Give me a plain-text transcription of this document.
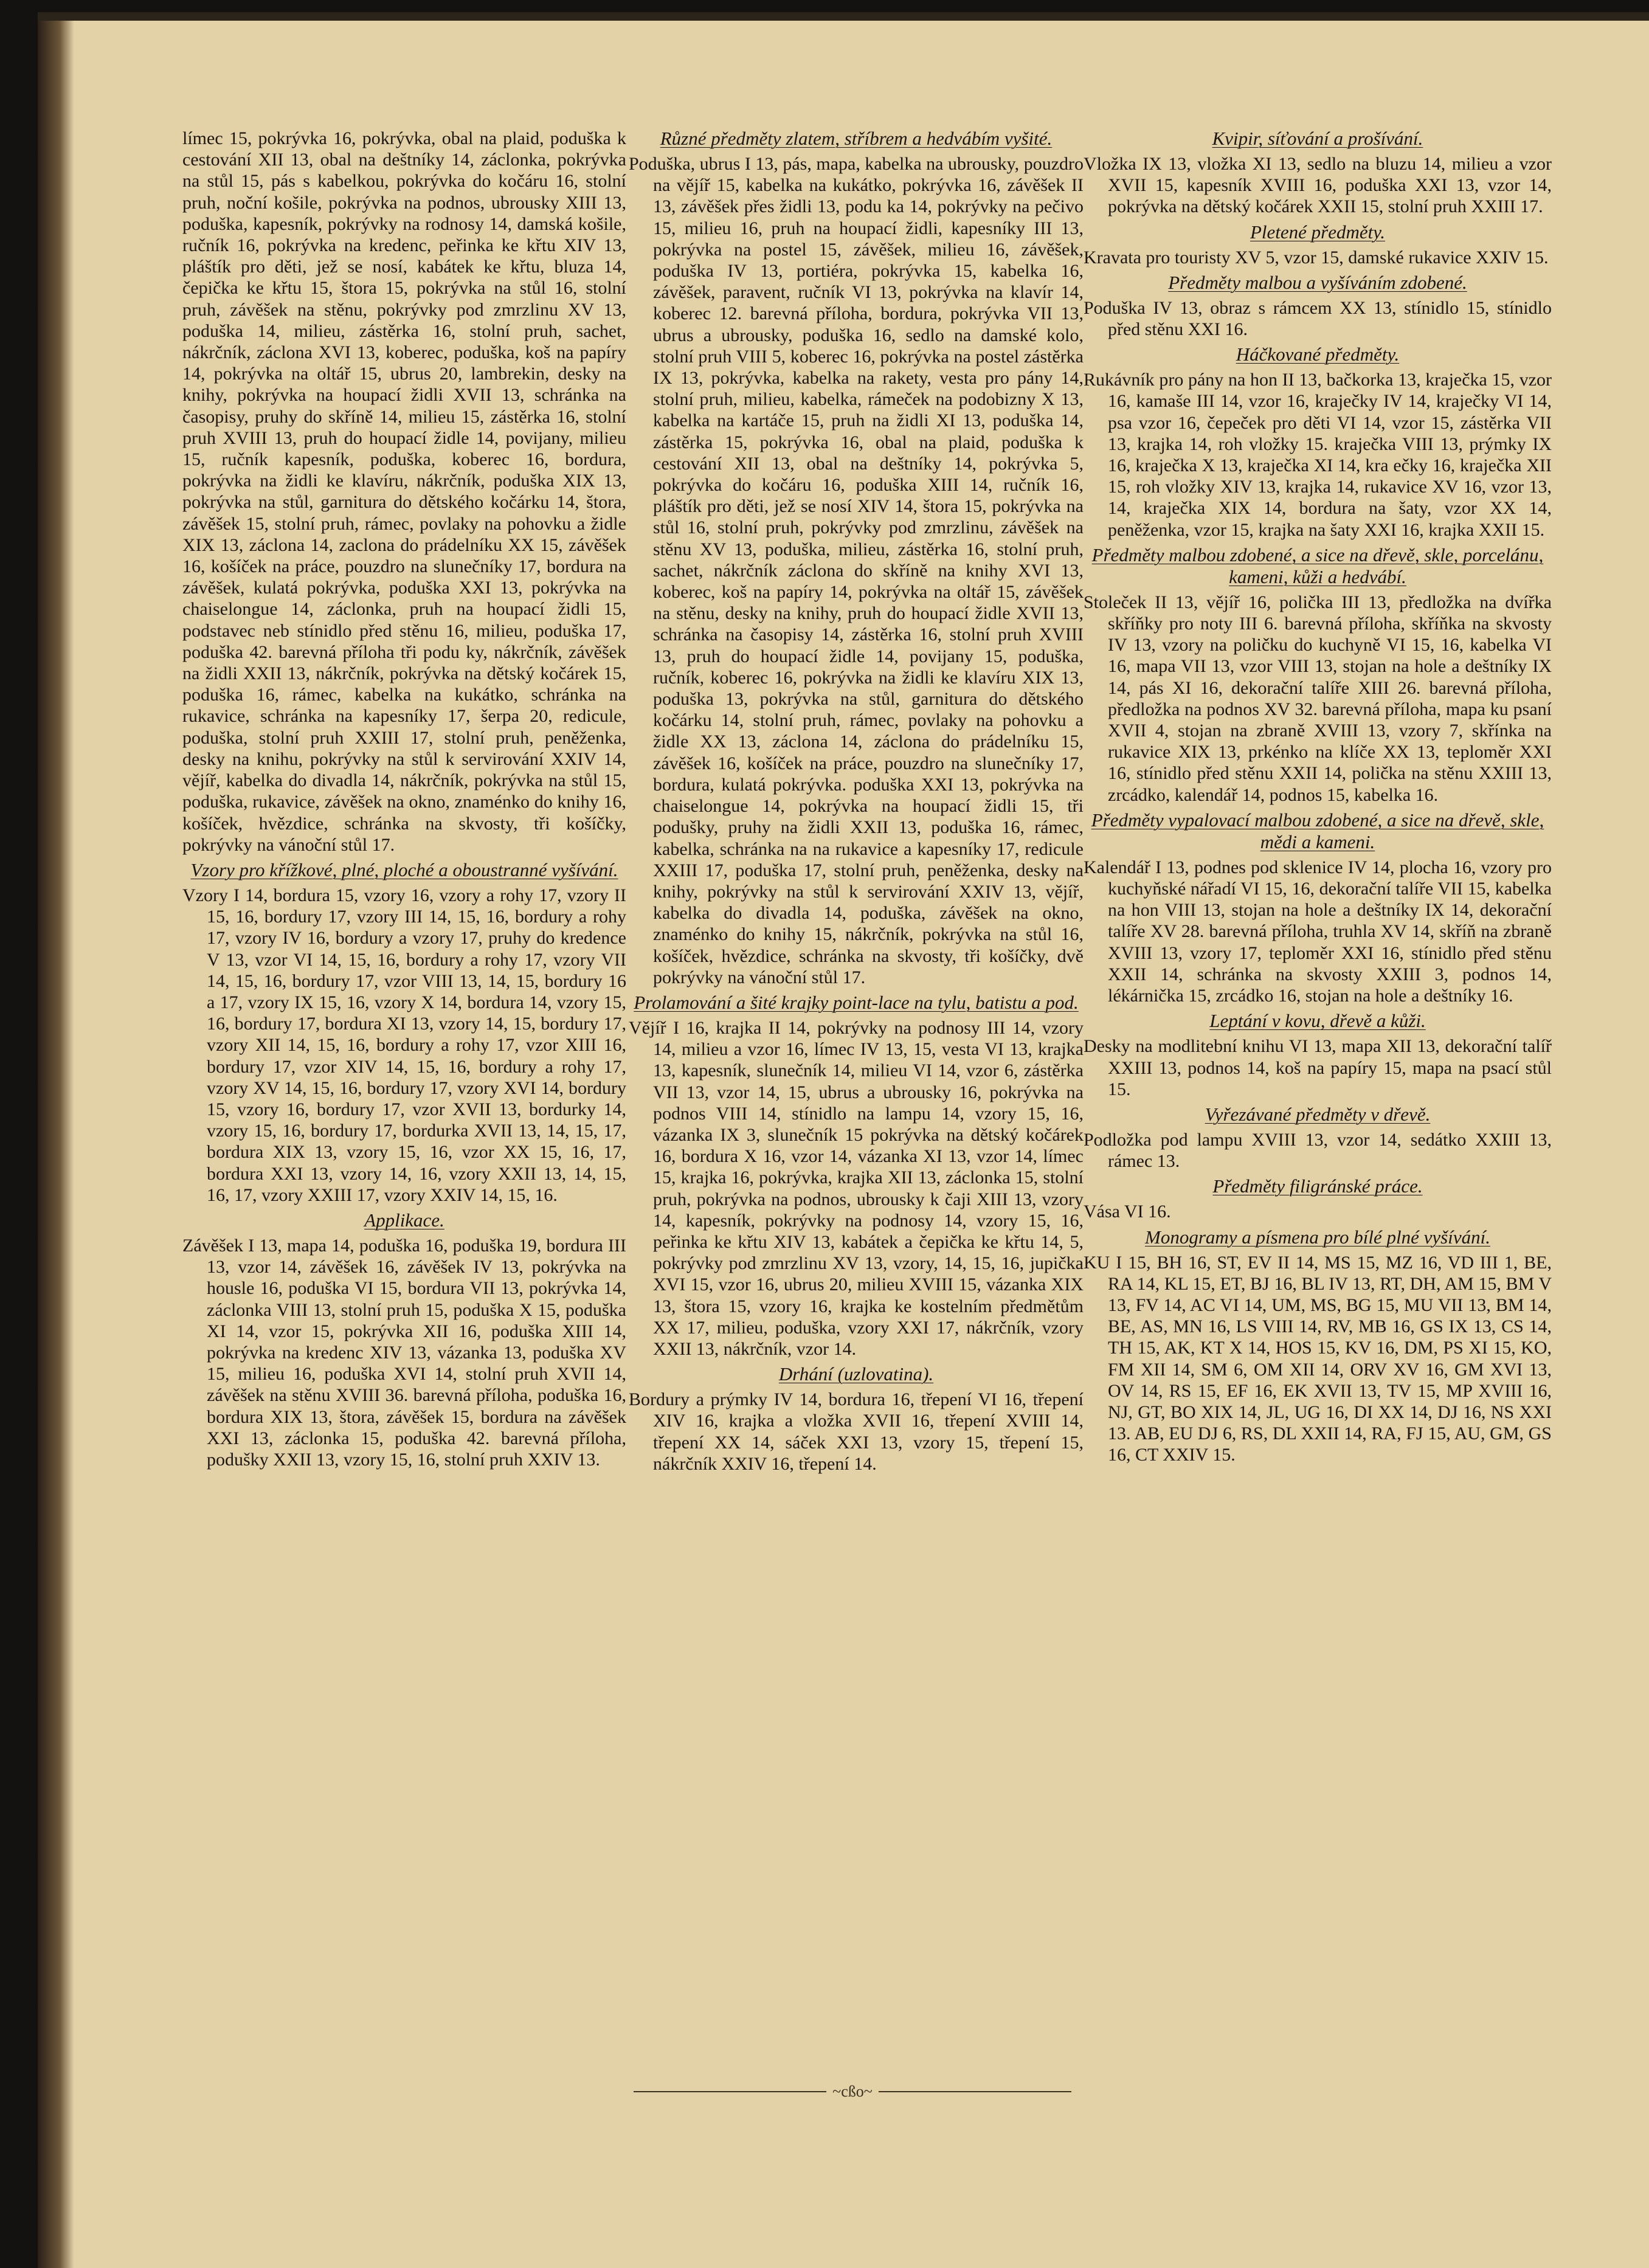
límec 15, pokrývka 16, pokrývka, obal na plaid, poduška k cestování XII 13, obal na deštníky 14, záclonka, pokrývka na stůl 15, pás s kabelkou, pokrývka do kočáru 16, stolní pruh, noční košile, pokrývka na podnos, ubrousky XIII 13, poduška, kapesník, pokrývky na rodnosy 14, damská košile, ručník 16, pokrývka na kredenc, peřinka ke křtu XIV 13, pláštík pro děti, jež se nosí, kabátek ke křtu, bluza 14, čepička ke křtu 15, štora 15, pokrývka na stůl 16, stolní pruh, závěšek na stěnu, pokrývky pod zmrzlinu XV 13, poduška 14, milieu, zástěrka 16, stolní pruh, sachet, nákrčník, záclona XVI 13, koberec, poduška, koš na papíry 14, pokrývka na oltář 15, ubrus 20, lambrekin, desky na knihy, pokrývka na houpací židli XVII 13, schránka na časopisy, pruhy do skříně 14, milieu 15, zástěrka 16, stolní pruh XVIII 13, pruh do houpací židle 14, povijany, milieu 15, ručník kapesník, poduška, koberec 16, bordura, pokrývka na židli ke klavíru, nákrčník, poduška XIX 13, pokrývka na stůl, garnitura do dětského kočárku 14, štora, závěšek 15, stolní pruh, rámec, povlaky na pohovku a židle XIX 13, záclona 14, zaclona do prádelníku XX 15, závěšek 16, košíček na práce, pouzdro na slunečníky 17, bordura na závěšek, kulatá pokrývka, poduška XXI 13, pokrývka na chaiselongue 14, záclonka, pruh na houpací židli 15, podstavec neb stínidlo před stěnu 16, milieu, poduška 17, poduška 42. barevná příloha tři podu ky, nákrčník, závěšek na židli XXII 13, nákrčník, pokrývka na dětský kočárek 15, poduška 16, rámec, kabelka na kukátko, schránka na rukavice, schránka na kapesníky 17, šerpa 20, redicule, poduška, stolní pruh XXIII 17, stolní pruh, peněženka, desky na knihu, pokrývky na stůl k servirování XXIV 14, vějíř, kabelka do divadla 14, nákrčník, pokrývka na stůl 15, poduška, rukavice, závěšek na okno, znaménko do knihy 16, košíček, hvězdice, schránka na skvosty, tři košíčky, pokrývky na vánoční stůl 17.

Vzory pro křížkové, plné, ploché a oboustranné vyšívání.

Vzory I 14, bordura 15, vzory 16, vzory a rohy 17, vzory II 15, 16, bordury 17, vzory III 14, 15, 16, bordury a rohy 17, vzory IV 16, bordury a vzory 17, pruhy do kredence V 13, vzor VI 14, 15, 16, bordury a rohy 17, vzory VII 14, 15, 16, bordury 17, vzor VIII 13, 14, 15, bordury 16 a 17, vzory IX 15, 16, vzory X 14, bordura 14, vzory 15, 16, bordury 17, bordura XI 13, vzory 14, 15, bordury 17, vzory XII 14, 15, 16, bordury a rohy 17, vzor XIII 16, bordury 17, vzor XIV 14, 15, 16, bordury a rohy 17, vzory XV 14, 15, 16, bordury 17, vzory XVI 14, bordury 15, vzory 16, bordury 17, vzor XVII 13, bordurky 14, vzory 15, 16, bordury 17, bordurka XVII 13, 14, 15, 17, bordura XIX 13, vzory 15, 16, vzor XX 15, 16, 17, bordura XXI 13, vzory 14, 16, vzory XXII 13, 14, 15, 16, 17, vzory XXIII 17, vzory XXIV 14, 15, 16.

Applikace.

Závěšek I 13, mapa 14, poduška 16, poduška 19, bordura III 13, vzor 14, závěšek 16, závěšek IV 13, pokrývka na housle 16, poduška VI 15, bordura VII 13, pokrývka 14, záclonka VIII 13, stolní pruh 15, poduška X 15, poduška XI 14, vzor 15, pokrývka XII 16, poduška XIII 14, pokrývka na kredenc XIV 13, vázanka 13, poduška XV 15, milieu 16, poduška XVI 14, stolní pruh XVII 14, závěšek na stěnu XVIII 36. barevná příloha, poduška 16, bordura XIX 13, štora, závěšek 15, bordura na závěšek XXI 13, záclonka 15, poduška 42. barevná příloha, podušky XXII 13, vzory 15, 16, stolní pruh XXIV 13.

Různé předměty zlatem, stříbrem a hedvábím vyšité.

Poduška, ubrus I 13, pás, mapa, kabelka na ubrousky, pouzdro na vějíř 15, kabelka na kukátko, pokrývka 16, závěšek II 13, závěšek přes židli 13, podu ka 14, pokrývky na pečivo 15, milieu 16, pruh na houpací židli, kapesníky III 13, pokrývka na postel 15, závěšek, milieu 16, závěšek, poduška IV 13, portiéra, pokrývka 15, kabelka 16, závěšek, paravent, ručník VI 13, pokrývka na klavír 14, koberec 12. barevná příloha, bordura, pokrývka VII 13, ubrus a ubrousky, poduška 16, sedlo na damské kolo, stolní pruh VIII 5, koberec 16, pokrývka na postel zástěrka IX 13, pokrývka, kabelka na rakety, vesta pro pány 14, stolní pruh, milieu, kabelka, rámeček na podobizny X 13, kabelka na kartáče 15, pruh na židli XI 13, poduška 14, zástěrka 15, pokrývka 16, obal na plaid, poduška k cestování XII 13, obal na deštníky 14, pokrývka 5, pokrývka do kočáru 16, poduška XIII 14, ručník 16, pláštík pro děti, jež se nosí XIV 14, štora 15, pokrývka na stůl 16, stolní pruh, pokrývky pod zmrzlinu, závěšek na stěnu XV 13, poduška, milieu, zástěrka 16, stolní pruh, sachet, nákrčník záclona do skříně na knihy XVI 13, koberec, koš na papíry 14, pokrývka na oltář 15, závěšek na stěnu, desky na knihy, pruh do houpací židle XVII 13, schránka na časopisy 14, zástěrka 16, stolní pruh XVIII 13, pruh do houpací židle 14, povijany 15, poduška, ručník, koberec 16, pokrývka na židli ke klavíru XIX 13, poduška 13, pokrývka na stůl, garnitura do dětského kočárku 14, stolní pruh, rámec, povlaky na pohovku a židle XX 13, záclona 14, záclona do prádelníku 15, závěšek 16, košíček na práce, pouzdro na slunečníky 17, bordura, kulatá pokrývka. poduška XXI 13, pokrývka na chaiselongue 14, pokrývka na houpací židli 15, tři podušky, pruhy na židli XXII 13, poduška 16, rámec, kabelka, schránka na na rukavice a kapesníky 17, redicule XXIII 17, poduška 17, stolní pruh, peněženka, desky na knihy, pokrývky na stůl k servirování XXIV 13, vějíř, kabelka do divadla 14, poduška, závěšek na okno, znaménko do knihy 15, nákrčník, pokrývka na stůl 16, košíček, hvězdice, schránka na skvosty, tři košíčky, dvě pokrývky na vánoční stůl 17.

Prolamování a šité krajky point-lace na tylu, batistu a pod.

Vějíř I 16, krajka II 14, pokrývky na podnosy III 14, vzory 14, milieu a vzor 16, límec IV 13, 15, vesta VI 13, krajka 13, kapesník, slunečník 14, milieu VI 14, vzor 6, zástěrka VII 13, vzor 14, 15, ubrus a ubrousky 16, pokrývka na podnos VIII 14, stínidlo na lampu 14, vzory 15, 16, vázanka IX 3, slunečník 15 pokrývka na dětský kočárek 16, bordura X 16, vzor 14, vázanka XI 13, vzor 14, límec 15, krajka 16, pokrývka, krajka XII 13, záclonka 15, stolní pruh, pokrývka na podnos, ubrousky k čaji XIII 13, vzory 14, kapesník, pokrývky na podnosy 14, vzory 15, 16, peřinka ke křtu XIV 13, kabátek a čepička ke křtu 14, 5, pokrývky pod zmrzlinu XV 13, vzory, 14, 15, 16, jupička XVI 15, vzor 16, ubrus 20, milieu XVIII 15, vázanka XIX 13, štora 15, vzory 16, krajka ke kostelním předmětům XX 17, milieu, poduška, vzory XXI 17, nákrčník, vzory XXII 13, nákrčník, vzor 14.

Drhání (uzlovatina).

Bordury a prýmky IV 14, bordura 16, třepení VI 16, třepení XIV 16, krajka a vložka XVII 16, třepení XVIII 14, třepení XX 14, sáček XXI 13, vzory 15, třepení 15, nákrčník XXIV 16, třepení 14.

Kvipir, síťování a prošívání.

Vložka IX 13, vložka XI 13, sedlo na bluzu 14, milieu a vzor XVII 15, kapesník XVIII 16, poduška XXI 13, vzor 14, pokrývka na dětský kočárek XXII 15, stolní pruh XXIII 17.

Pletené předměty.

Kravata pro touristy XV 5, vzor 15, damské rukavice XXIV 15.

Předměty malbou a vyšíváním zdobené.

Poduška IV 13, obraz s rámcem XX 13, stínidlo 15, stínidlo před stěnu XXI 16.

Háčkované předměty.

Rukávník pro pány na hon II 13, bačkorka 13, kraječka 15, vzor 16, kamaše III 14, vzor 16, kraječky IV 14, kraječky VI 14, psa vzor 16, čepeček pro děti VI 14, vzor 15, zástěrka VII 13, krajka 14, roh vložky 15. kraječka VIII 13, prýmky IX 16, kraječka X 13, kraječka XI 14, kra ečky 16, kraječka XII 15, roh vložky XIV 13, krajka 14, rukavice XV 16, vzor 13, 14, kraječka XIX 14, bordura na šaty, vzor XX 14, peněženka, vzor 15, krajka na šaty XXI 16, krajka XXII 15.

Předměty malbou zdobené, a sice na dřevě, skle, porcelánu, kameni, kůži a hedvábí.

Stoleček II 13, vějíř 16, polička III 13, předložka na dvířka skříňky pro noty III 6. barevná příloha, skříňka na skvosty IV 13, vzory na poličku do kuchyně VI 15, 16, kabelka VI 16, mapa VII 13, vzor VIII 13, stojan na hole a deštníky IX 14, pás XI 16, dekorační talíře XIII 26. barevná příloha, předložka na podnos XV 32. barevná příloha, mapa ku psaní XVII 4, stojan na zbraně XVIII 13, vzory 7, skřínka na rukavice XIX 13, prkénko na klíče XX 13, teploměr XXI 16, stínidlo před stěnu XXII 14, polička na stěnu XXIII 13, zrcádko, kalendář 14, podnos 15, kabelka 16.

Předměty vypalovací malbou zdobené, a sice na dřevě, skle, mědi a kameni.

Kalendář I 13, podnes pod sklenice IV 14, plocha 16, vzory pro kuchyňské nářadí VI 15, 16, dekorační talíře VII 15, kabelka na hon VIII 13, stojan na hole a deštníky IX 14, dekorační talíře XV 28. barevná příloha, truhla XV 14, skříň na zbraně XVIII 13, vzory 17, teploměr XXI 16, stínidlo před stěnu XXII 14, schránka na skvosty XXIII 3, podnos 14, lékárnička 15, zrcádko 16, stojan na hole a deštníky 16.

Leptání v kovu, dřevě a kůži.

Desky na modlitební knihu VI 13, mapa XII 13, dekorační talíř XXIII 13, podnos 14, koš na papíry 15, mapa na psací stůl 15.

Vyřezávané předměty v dřevě.

Podložka pod lampu XVIII 13, vzor 14, sedátko XXIII 13, rámec 13.

Předměty filigránské práce.

Vása VI 16.

Monogramy a písmena pro bílé plné vyšívání.

KU I 15, BH 16, ST, EV II 14, MS 15, MZ 16, VD III 1, BE, RA 14, KL 15, ET, BJ 16, BL IV 13, RT, DH, AM 15, BM V 13, FV 14, AC VI 14, UM, MS, BG 15, MU VII 13, BM 14, BE, AS, MN 16, LS VIII 14, RV, MB 16, GS IX 13, CS 14, TH 15, AK, KT X 14, HOS 15, KV 16, DM, PS XI 15, KO, FM XII 14, SM 6, OM XII 14, ORV XV 16, GM XVI 13, OV 14, RS 15, EF 16, EK XVII 13, TV 15, MP XVIII 16, NJ, GT, BO XIX 14, JL, UG 16, DI XX 14, DJ 16, NS XXI 13. AB, EU DJ 6, RS, DL XXII 14, RA, FJ 15, AU, GM, GS 16, CT XXIV 15.

~cßo~
